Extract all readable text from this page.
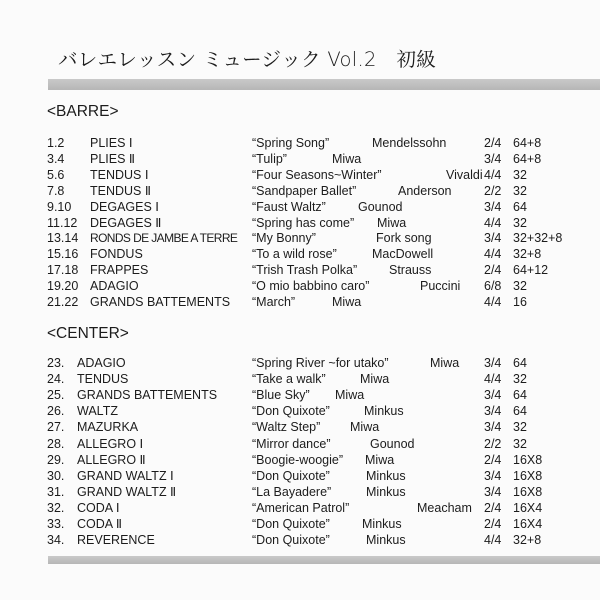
バレエレッスン ミュージック Vol.2　初級
<BARRE>
1.2 PLIES Ⅰ	“Spring Song”	Mendelssohn	2/4 64+8
3.4 PLIES Ⅱ	“Tulip”	Miwa	3/4 64+8
5.6 TENDUS Ⅰ	“Four Seasons~Winter”	Vivaldi 4/4 32
7.8 TENDUS Ⅱ	“Sandpaper Ballet”	Anderson	2/2 32
9.10 DEGAGES Ⅰ	“Faust Waltz”	Gounod	3/4 64
11.12 DEGAGES Ⅱ	“Spring has come” Miwa	4/4 32
13.14 RONDS DE JAMBE A TERRE “My Bonny”	Fork song	3/4 32+32+8
15.16 FONDUS	“To a wild rose”	MacDowell	4/4 32+8
17.18 FRAPPES	“Trish Trash Polka”	Strauss	2/4 64+12
19.20 ADAGIO	“O mio babbino caro”	Puccini 6/8 32
21.22 GRANDS BATTEMENTS “March”	Miwa	4/4 16
<CENTER>
23. ADAGIO	“Spring River ~for utako”	Miwa 3/4 64
24. TENDUS	“Take a walk”	Miwa	4/4 32
25. GRANDS BATTEMENTS	“Blue Sky” Miwa	3/4 64
26. WALTZ	“Don Quixote”	Minkus	3/4 64
27. MAZURKA	“Waltz Step” Miwa	3/4 32
28. ALLEGRO Ⅰ	“Mirror dance”	Gounod	2/2 32
29. ALLEGRO Ⅱ	“Boogie-woogie” Miwa	2/4 16X8
30. GRAND WALTZ Ⅰ	“Don Quixote”	Minkus	3/4 16X8
31. GRAND WALTZ Ⅱ	“La Bayadere”	Minkus	3/4 16X8
32. CODA Ⅰ	“American Patrol”	Meacham 2/4 16X4
33. CODA Ⅱ	“Don Quixote”	Minkus	2/4 16X4
34. REVERENCE	“Don Quixote”	Minkus	4/4 32+8
